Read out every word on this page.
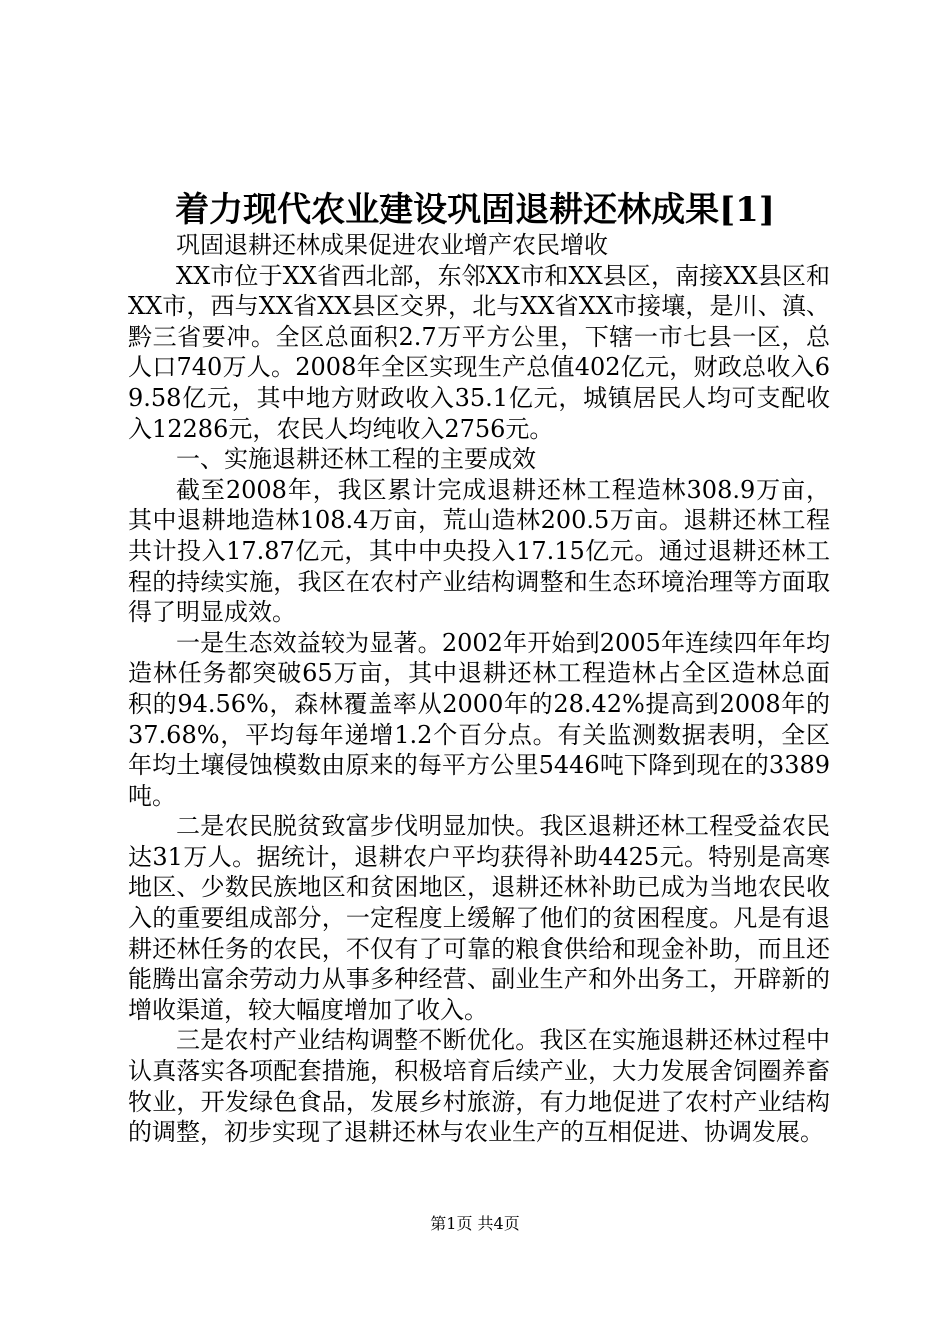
着力现代农业建设巩固退耕还林成果[1]

巩固退耕还林成果促进农业增产农民增收

XX市位于XX省西北部，东邻XX市和XX县区，南接XX县区和XX市，西与XX省XX县区交界，北与XX省XX市接壤，是川、滇、黔三省要冲。全区总面积2.7万平方公里，下辖一市七县一区，总人口740万人。2008年全区实现生产总值402亿元，财政总收入69.58亿元，其中地方财政收入35.1亿元，城镇居民人均可支配收入12286元，农民人均纯收入2756元。

一、实施退耕还林工程的主要成效

截至2008年，我区累计完成退耕还林工程造林308.9万亩，其中退耕地造林108.4万亩，荒山造林200.5万亩。退耕还林工程共计投入17.87亿元，其中中央投入17.15亿元。通过退耕还林工程的持续实施，我区在农村产业结构调整和生态环境治理等方面取得了明显成效。

一是生态效益较为显著。2002年开始到2005年连续四年年均造林任务都突破65万亩，其中退耕还林工程造林占全区造林总面积的94.56%，森林覆盖率从2000年的28.42%提高到2008年的37.68%，平均每年递增1.2个百分点。有关监测数据表明，全区年均土壤侵蚀模数由原来的每平方公里5446吨下降到现在的3389吨。

二是农民脱贫致富步伐明显加快。我区退耕还林工程受益农民达31万人。据统计，退耕农户平均获得补助4425元。特别是高寒地区、少数民族地区和贫困地区，退耕还林补助已成为当地农民收入的重要组成部分，一定程度上缓解了他们的贫困程度。凡是有退耕还林任务的农民，不仅有了可靠的粮食供给和现金补助，而且还能腾出富余劳动力从事多种经营、副业生产和外出务工，开辟新的增收渠道，较大幅度增加了收入。

三是农村产业结构调整不断优化。我区在实施退耕还林过程中认真落实各项配套措施，积极培育后续产业，大力发展舍饲圈养畜牧业，开发绿色食品，发展乡村旅游，有力地促进了农村产业结构的调整，初步实现了退耕还林与农业生产的互相促进、协调发展。

第1页 共4页
